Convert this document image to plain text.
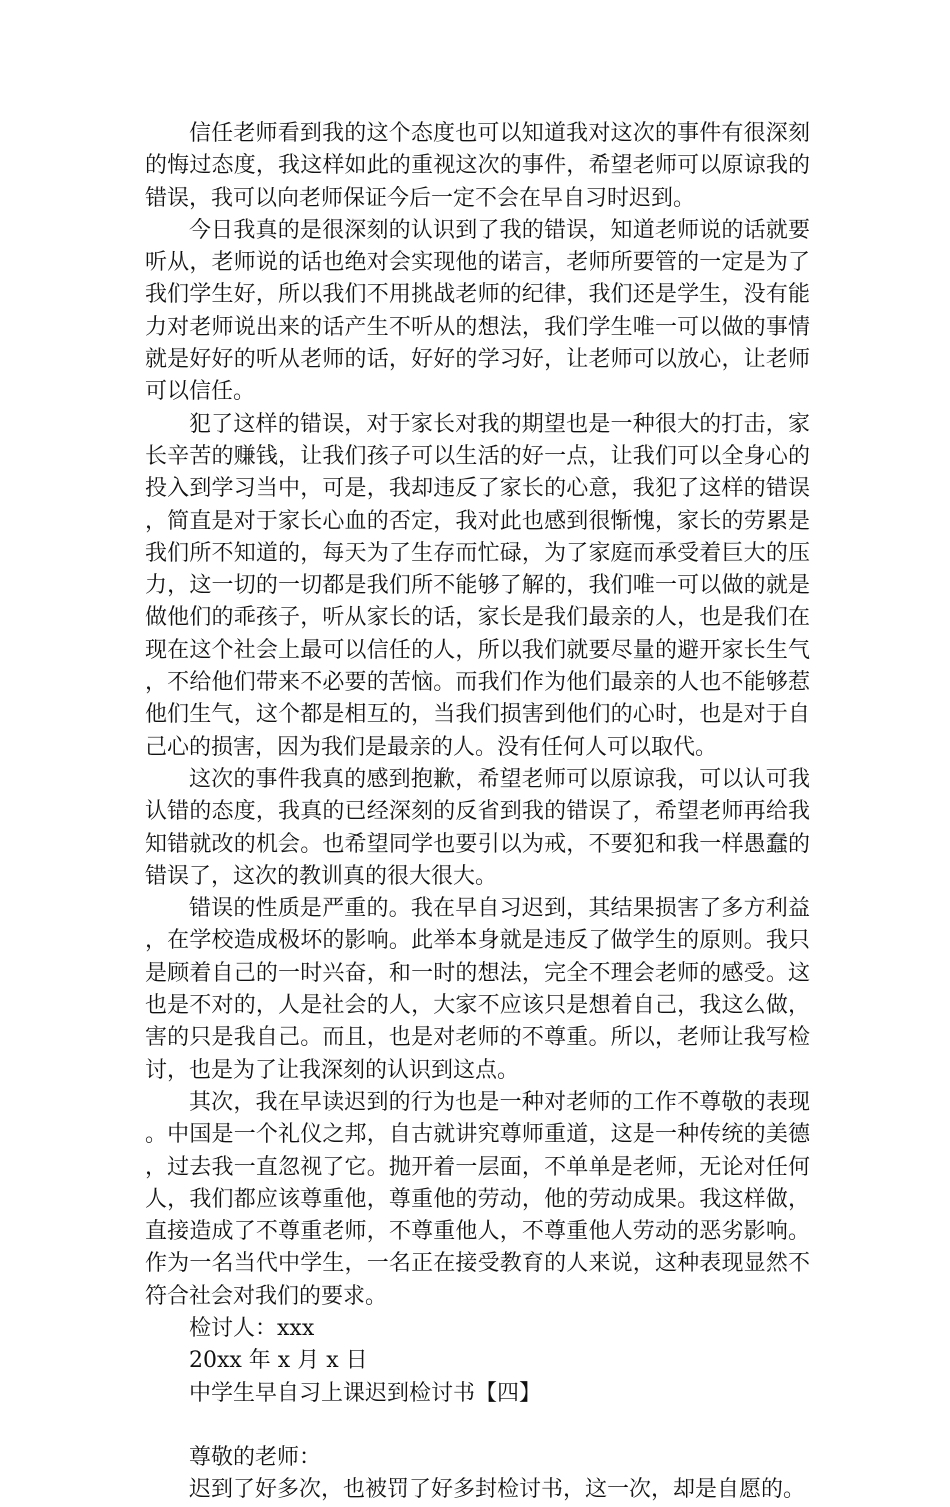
信任老师看到我的这个态度也可以知道我对这次的事件有很深刻的悔过态度，我这样如此的重视这次的事件，希望老师可以原谅我的错误，我可以向老师保证今后一定不会在早自习时迟到。

今日我真的是很深刻的认识到了我的错误，知道老师说的话就要听从，老师说的话也绝对会实现他的诺言，老师所要管的一定是为了我们学生好，所以我们不用挑战老师的纪律，我们还是学生，没有能力对老师说出来的话产生不听从的想法，我们学生唯一可以做的事情就是好好的听从老师的话，好好的学习好，让老师可以放心，让老师可以信任。

犯了这样的错误，对于家长对我的期望也是一种很大的打击，家长辛苦的赚钱，让我们孩子可以生活的好一点，让我们可以全身心的投入到学习当中，可是，我却违反了家长的心意，我犯了这样的错误，简直是对于家长心血的否定，我对此也感到很惭愧，家长的劳累是我们所不知道的，每天为了生存而忙碌，为了家庭而承受着巨大的压力，这一切的一切都是我们所不能够了解的，我们唯一可以做的就是做他们的乖孩子，听从家长的话，家长是我们最亲的人，也是我们在现在这个社会上最可以信任的人，所以我们就要尽量的避开家长生气，不给他们带来不必要的苦恼。而我们作为他们最亲的人也不能够惹他们生气，这个都是相互的，当我们损害到他们的心时，也是对于自己心的损害，因为我们是最亲的人。没有任何人可以取代。

这次的事件我真的感到抱歉，希望老师可以原谅我，可以认可我认错的态度，我真的已经深刻的反省到我的错误了，希望老师再给我知错就改的机会。也希望同学也要引以为戒，不要犯和我一样愚蠢的错误了，这次的教训真的很大很大。

错误的性质是严重的。我在早自习迟到，其结果损害了多方利益，在学校造成极坏的影响。此举本身就是违反了做学生的原则。我只是顾着自己的一时兴奋，和一时的想法，完全不理会老师的感受。这也是不对的，人是社会的人，大家不应该只是想着自己，我这么做，害的只是我自己。而且，也是对老师的不尊重。所以，老师让我写检讨，也是为了让我深刻的认识到这点。

其次，我在早读迟到的行为也是一种对老师的工作不尊敬的表现。中国是一个礼仪之邦，自古就讲究尊师重道，这是一种传统的美德，过去我一直忽视了它。抛开着一层面，不单单是老师，无论对任何人，我们都应该尊重他，尊重他的劳动，他的劳动成果。我这样做，直接造成了不尊重老师，不尊重他人，不尊重他人劳动的恶劣影响。作为一名当代中学生，一名正在接受教育的人来说，这种表现显然不符合社会对我们的要求。

检讨人：xxx

20xx 年 x 月 x 日

中学生早自习上课迟到检讨书【四】

尊敬的老师：

迟到了好多次，也被罚了好多封检讨书，这一次，却是自愿的。
